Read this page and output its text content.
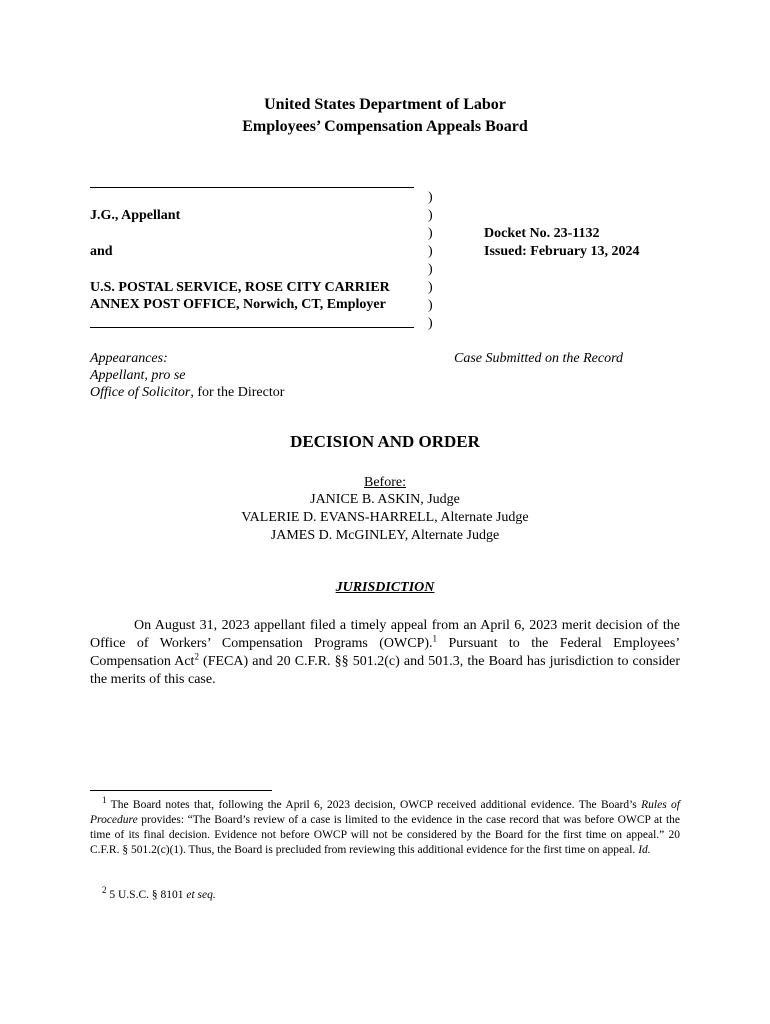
United States Department of Labor
Employees’ Compensation Appeals Board
J.G., Appellant
and
U.S. POSTAL SERVICE, ROSE CITY CARRIER
ANNEX POST OFFICE, Norwich, CT, Employer
)
)
)
)
)
)
)
)
Docket No. 23-1132
Issued: February 13, 2024
Appearances:
Appellant, pro se
Office of Solicitor, for the Director
Case Submitted on the Record
DECISION AND ORDER
Before:
JANICE B. ASKIN, Judge
VALERIE D. EVANS-HARRELL, Alternate Judge
JAMES D. McGINLEY, Alternate Judge
JURISDICTION
On August 31, 2023 appellant filed a timely appeal from an April 6, 2023 merit decision of the Office of Workers’ Compensation Programs (OWCP).$^1$ Pursuant to the Federal Employees’ Compensation Act$^2$ (FECA) and 20 C.F.R. §§ 501.2(c) and 501.3, the Board has jurisdiction to consider the merits of this case.
$^1$ The Board notes that, following the April 6, 2023 decision, OWCP received additional evidence. The Board’s Rules of Procedure provides: “The Board’s review of a case is limited to the evidence in the case record that was before OWCP at the time of its final decision. Evidence not before OWCP will not be considered by the Board for the first time on appeal.” 20 C.F.R. § 501.2(c)(1). Thus, the Board is precluded from reviewing this additional evidence for the first time on appeal. Id.
$^2$ 5 U.S.C. § 8101 et seq.
